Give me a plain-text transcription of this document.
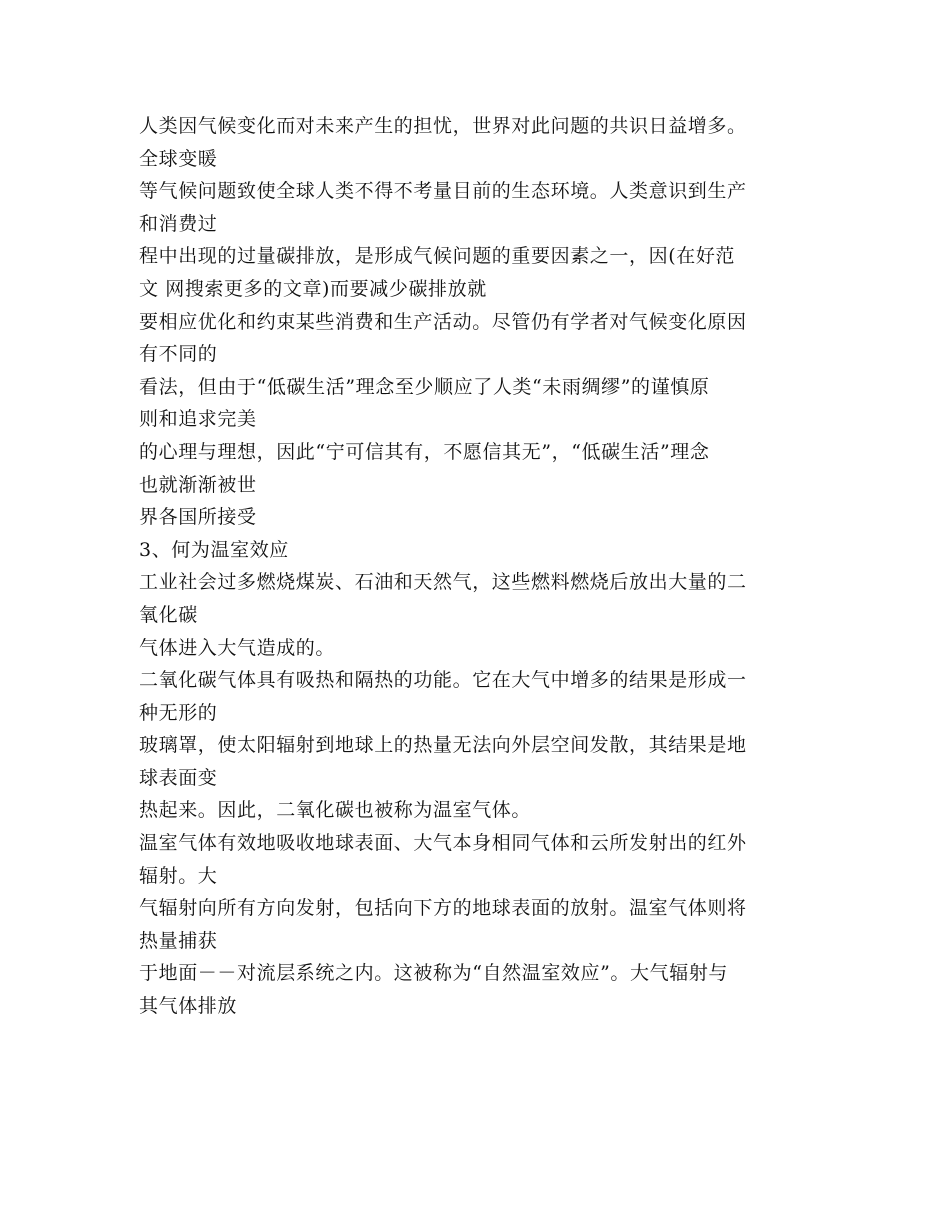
人类因气候变化而对未来产生的担忧，世界对此问题的共识日益增多。
全球变暖
等气候问题致使全球人类不得不考量目前的生态环境。人类意识到生产
和消费过
程中出现的过量碳排放，是形成气候问题的重要因素之一，因(在好范
文 网搜索更多的文章)而要减少碳排放就
要相应优化和约束某些消费和生产活动。尽管仍有学者对气候变化原因
有不同的
看法，但由于“低碳生活”理念至少顺应了人类“未雨绸缪”的谨慎原
则和追求完美
的心理与理想，因此“宁可信其有，不愿信其无”，“低碳生活”理念
也就渐渐被世
界各国所接受
3、何为温室效应
工业社会过多燃烧煤炭、石油和天然气，这些燃料燃烧后放出大量的二
氧化碳
气体进入大气造成的。
二氧化碳气体具有吸热和隔热的功能。它在大气中增多的结果是形成一
种无形的
玻璃罩，使太阳辐射到地球上的热量无法向外层空间发散，其结果是地
球表面变
热起来。因此，二氧化碳也被称为温室气体。
温室气体有效地吸收地球表面、大气本身相同气体和云所发射出的红外
辐射。大
气辐射向所有方向发射，包括向下方的地球表面的放射。温室气体则将
热量捕获
于地面－－对流层系统之内。这被称为“自然温室效应”。大气辐射与
其气体排放
